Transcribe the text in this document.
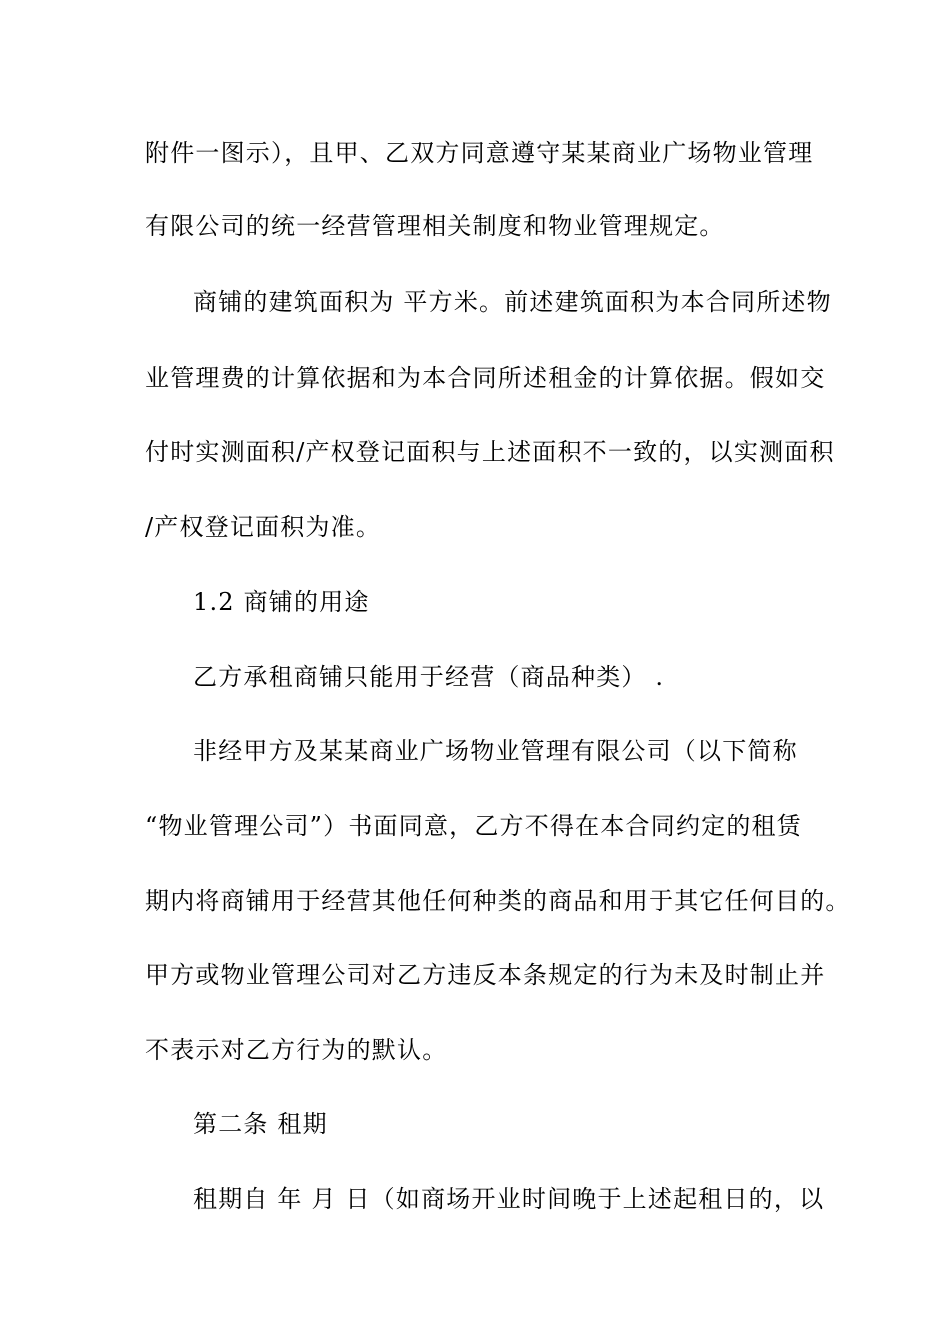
附件一图示），且甲、乙双方同意遵守某某商业广场物业管理
有限公司的统一经营管理相关制度和物业管理规定。
商铺的建筑面积为 平方米。前述建筑面积为本合同所述物
业管理费的计算依据和为本合同所述租金的计算依据。假如交
付时实测面积/产权登记面积与上述面积不一致的，以实测面积
/产权登记面积为准。
1.2 商铺的用途
乙方承租商铺只能用于经营（商品种类） .
非经甲方及某某商业广场物业管理有限公司（以下简称
“物业管理公司”）书面同意，乙方不得在本合同约定的租赁
期内将商铺用于经营其他任何种类的商品和用于其它任何目的。
甲方或物业管理公司对乙方违反本条规定的行为未及时制止并
不表示对乙方行为的默认。
第二条 租期
租期自 年 月 日（如商场开业时间晚于上述起租日的，以
